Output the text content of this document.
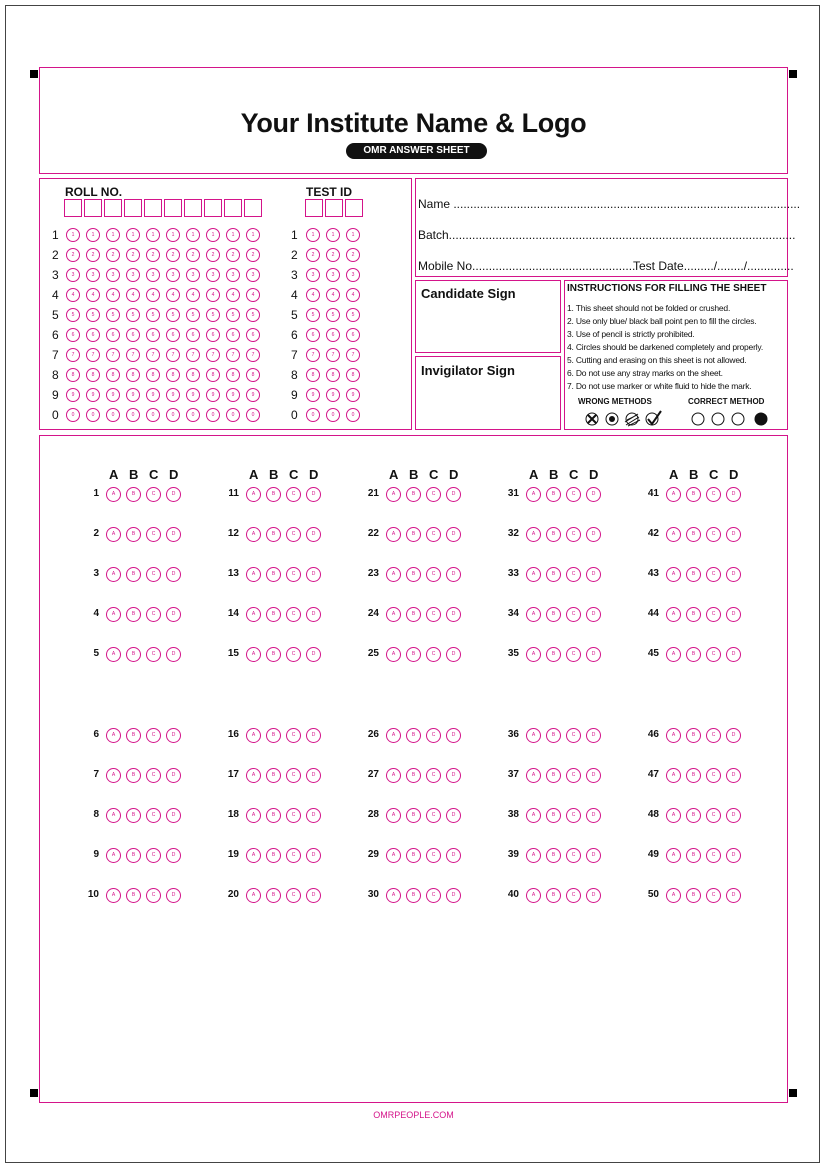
Your Institute Name & Logo
OMR ANSWER SHEET
ROLL NO.	TEST ID
1	1	1	1	1	1	1	1	1	1	1	1	1	1	1
2	2	2	2	2	2	2	2	2	2	2	2	2	2	2
3	3	3	3	3	3	3	3	3	3	3	3	3	3	3
4	4	4	4	4	4	4	4	4	4	4	4	4	4	4
5	5	5	5	5	5	5	5	5	5	5	5	5	5	5
6	6	6	6	6	6	6	6	6	6	6	6	6	6	6
7	7	7	7	7	7	7	7	7	7	7	7	7	7	7
8	8	8	8	8	8	8	8	8	8	8	8	8	8	8
9	9	9	9	9	9	9	9	9	9	9	9	9	9	9
0	0	0	0	0	0	0	0	0	0	0	0	0	0	0
Name ........................................................................................................
Batch........................................................................................................
Mobile No.................................................
Test Date........./......../..............
Candidate Sign
Invigilator Sign
INSTRUCTIONS FOR FILLING THE SHEET
1. This sheet should not be folded or crushed.
2. Use only blue/ black ball point pen to fill the circles.
3. Use of pencil is strictly prohibited.
4. Circles should be darkened completely and properly.
5. Cutting and erasing on this sheet is not allowed.
6. Do not use any stray marks on the sheet.
7. Do not use marker or white fluid to hide the mark.
WRONG METHODS	CORRECT METHOD
A B C D
1	A	B	C	D
2	A	B	C	D
3	A	B	C	D
4	A	B	C	D
5	A	B	C	D
6	A	B	C	D
7	A	B	C	D
8	A	B	C	D
9	A	B	C	D
10	A	B	C	D
A B C D
11	A	B	C	D
12	A	B	C	D
13	A	B	C	D
14	A	B	C	D
15	A	B	C	D
16	A	B	C	D
17	A	B	C	D
18	A	B	C	D
19	A	B	C	D
20	A	B	C	D
A B C D
21	A	B	C	D
22	A	B	C	D
23	A	B	C	D
24	A	B	C	D
25	A	B	C	D
26	A	B	C	D
27	A	B	C	D
28	A	B	C	D
29	A	B	C	D
30	A	B	C	D
A B C D
31	A	B	C	D
32	A	B	C	D
33	A	B	C	D
34	A	B	C	D
35	A	B	C	D
36	A	B	C	D
37	A	B	C	D
38	A	B	C	D
39	A	B	C	D
40	A	B	C	D
A B C D
41	A	B	C	D
42	A	B	C	D
43	A	B	C	D
44	A	B	C	D
45	A	B	C	D
46	A	B	C	D
47	A	B	C	D
48	A	B	C	D
49	A	B	C	D
50	A	B	C	D
OMRPEOPLE.COM
